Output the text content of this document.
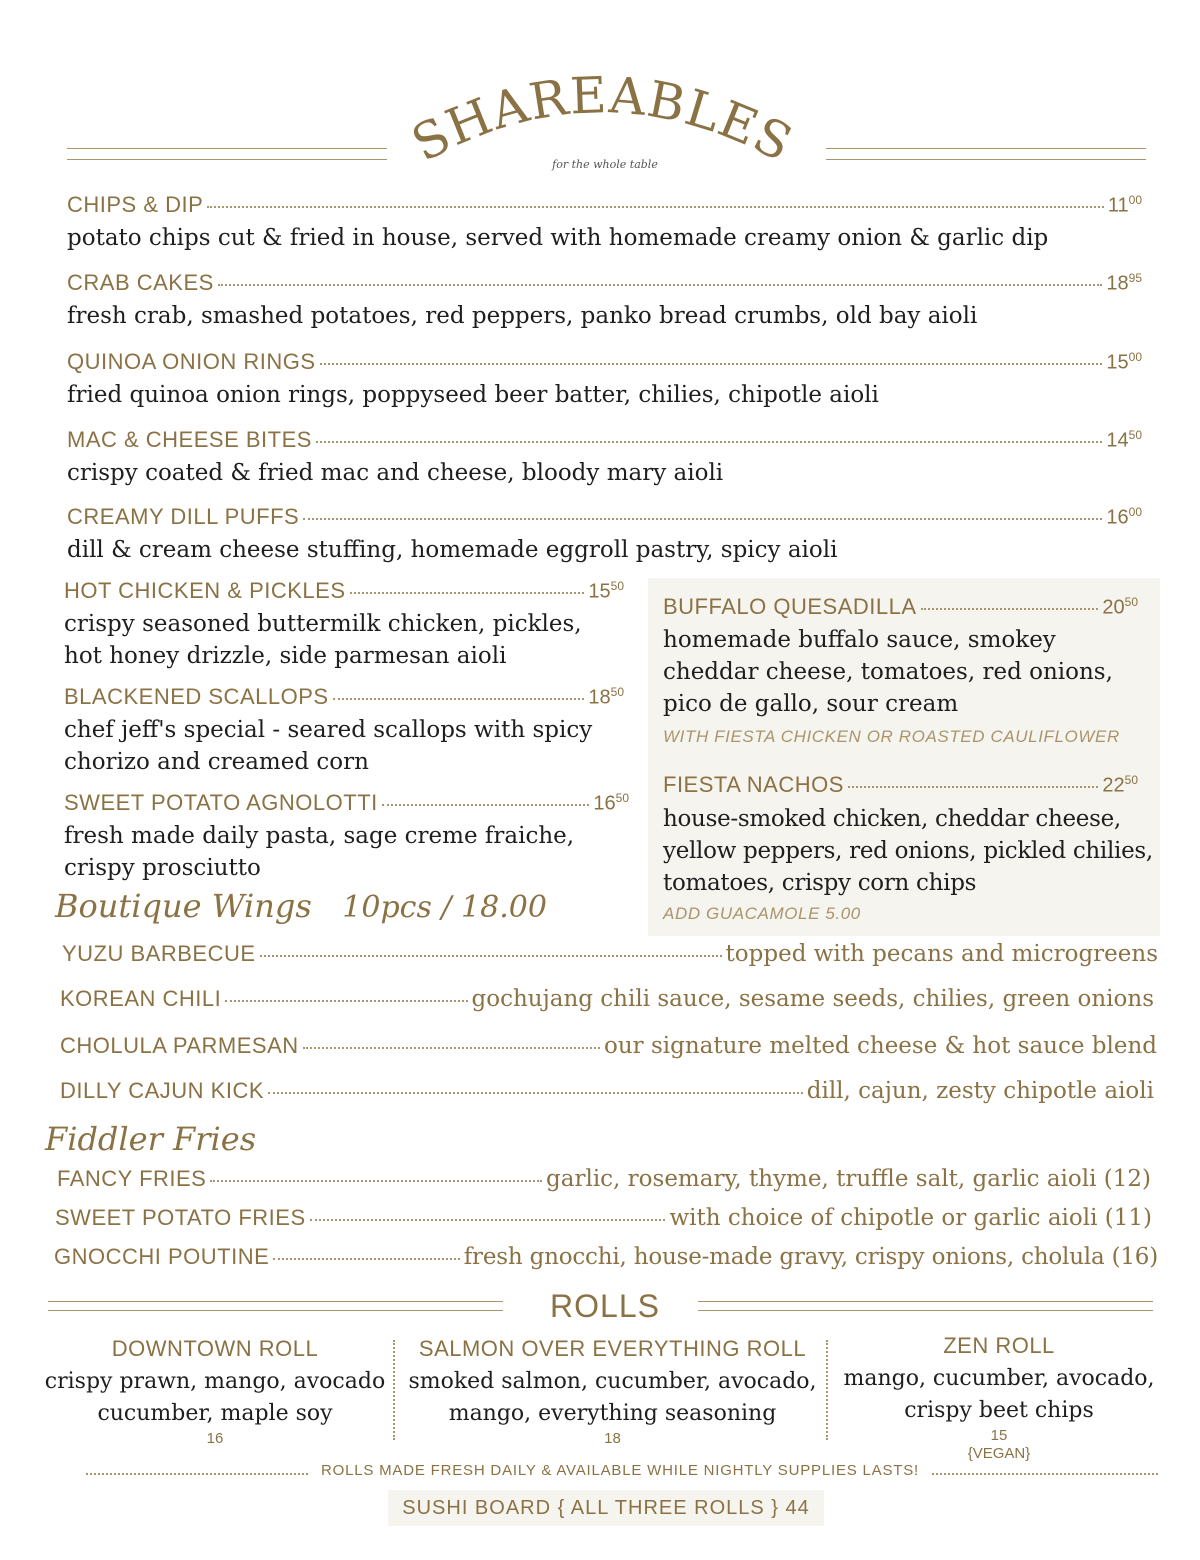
SHAREABLES
for the whole table
CHIPS & DIP	$11^{00}$
potato chips cut & fried in house, served with homemade creamy onion & garlic dip
CRAB CAKES	$18^{95}$
fresh crab, smashed potatoes, red peppers, panko bread crumbs, old bay aioli
QUINOA ONION RINGS	$15^{00}$
fried quinoa onion rings, poppyseed beer batter, chilies, chipotle aioli
MAC & CHEESE BITES	$14^{50}$
crispy coated & fried mac and cheese, bloody mary aioli
CREAMY DILL PUFFS	$16^{00}$
dill & cream cheese stuffing, homemade eggroll pastry, spicy aioli
HOT CHICKEN & PICKLES	$15^{50}$
crispy seasoned buttermilk chicken, pickles, hot honey drizzle, side parmesan aioli
BLACKENED SCALLOPS	$18^{50}$
chef jeff's special - seared scallops with spicy chorizo and creamed corn
SWEET POTATO AGNOLOTTI	$16^{50}$
fresh made daily pasta, sage creme fraiche, crispy prosciutto
BUFFALO QUESADILLA	$20^{50}$
homemade buffalo sauce, smokey cheddar cheese, tomatoes, red onions, pico de gallo, sour cream
WITH FIESTA CHICKEN OR ROASTED CAULIFLOWER
FIESTA NACHOS	$22^{50}$
house-smoked chicken, cheddar cheese, yellow peppers, red onions, pickled chilies, tomatoes, crispy corn chips
ADD GUACAMOLE 5.00
Boutique Wings 10pcs / 18.00
YUZU BARBECUE	topped with pecans and microgreens
KOREAN CHILI	gochujang chili sauce, sesame seeds, chilies, green onions
CHOLULA PARMESAN	our signature melted cheese & hot sauce blend
DILLY CAJUN KICK	dill, cajun, zesty chipotle aioli
Fiddler Fries
FANCY FRIES	garlic, rosemary, thyme, truffle salt, garlic aioli (12)
SWEET POTATO FRIES	with choice of chipotle or garlic aioli (11)
GNOCCHI POUTINE	fresh gnocchi, house-made gravy, crispy onions, cholula (16)
ROLLS
DOWNTOWN ROLL
crispy prawn, mango, avocado
cucumber, maple soy
16
SALMON OVER EVERYTHING ROLL
smoked salmon, cucumber, avocado,
mango, everything seasoning
18
ZEN ROLL
mango, cucumber, avocado,
crispy beet chips
15
{VEGAN}
ROLLS MADE FRESH DAILY & AVAILABLE WHILE NIGHTLY SUPPLIES LASTS!
SUSHI BOARD { ALL THREE ROLLS } 44
